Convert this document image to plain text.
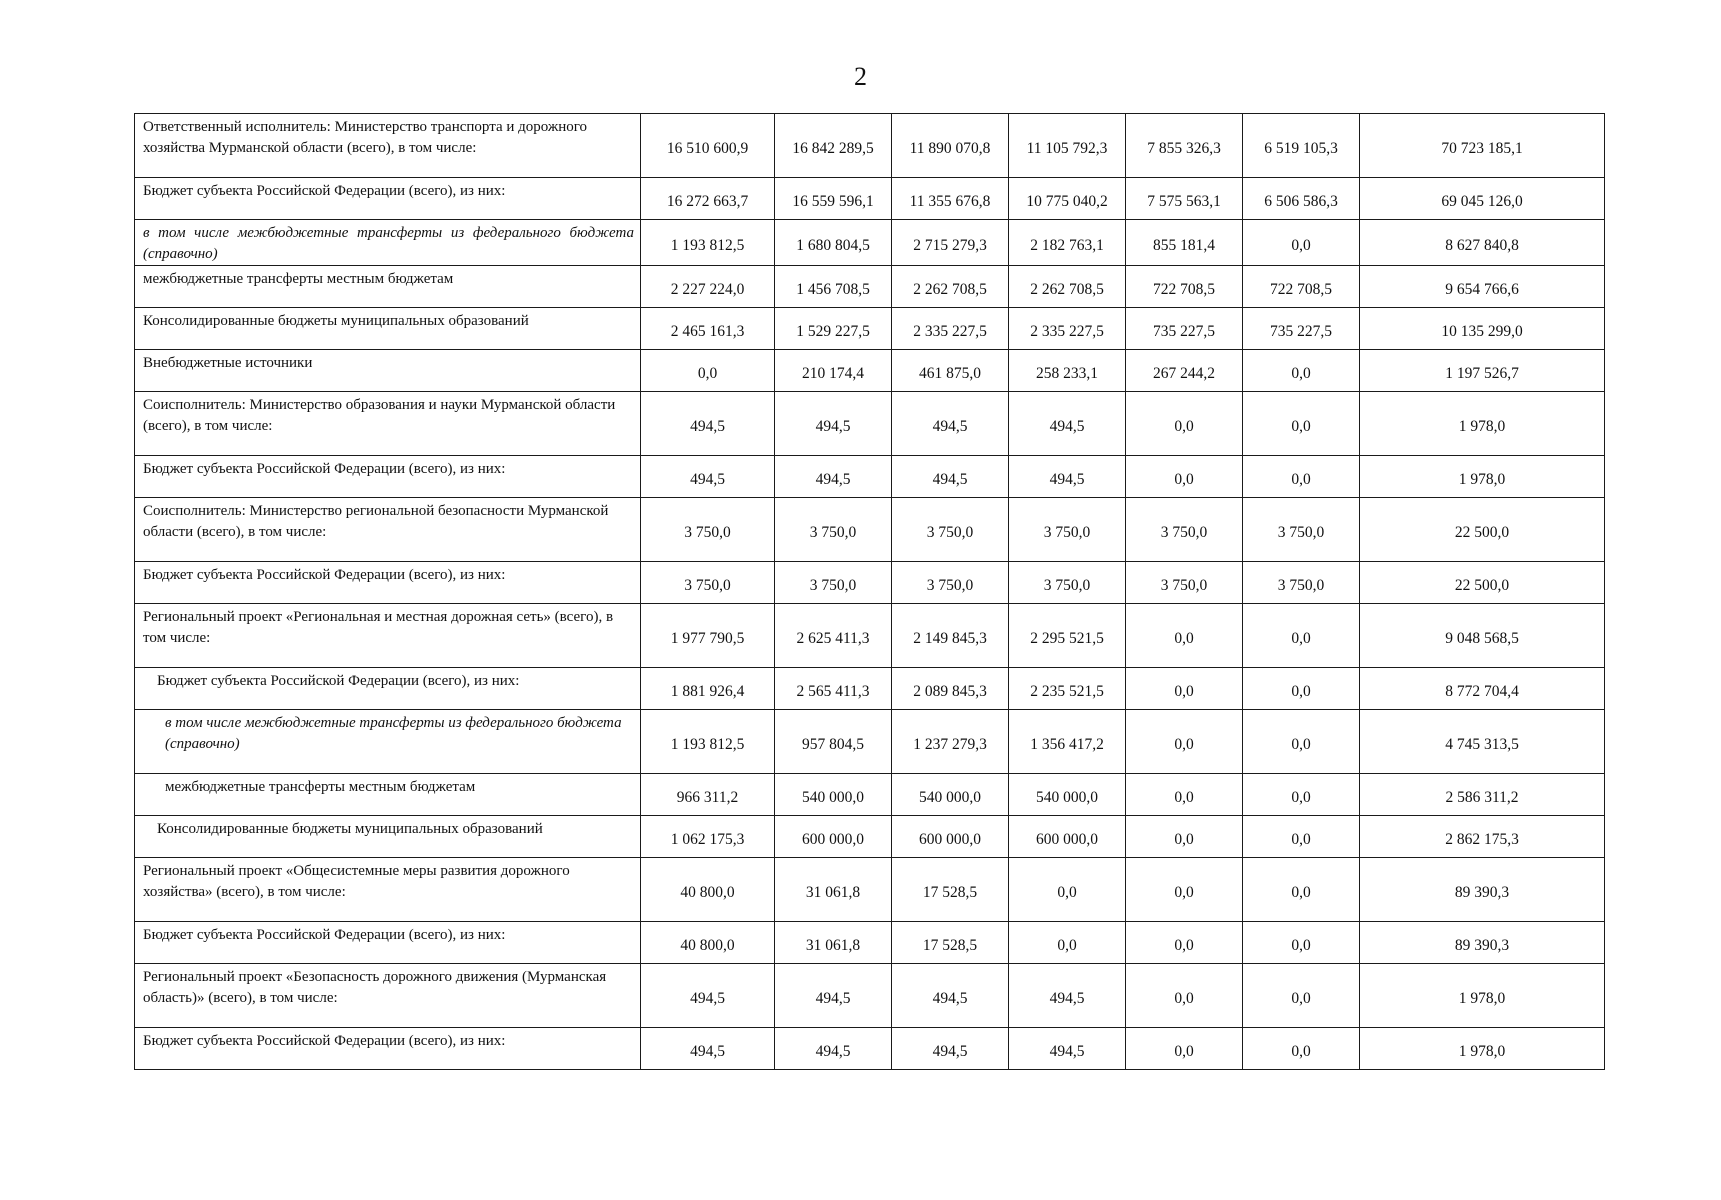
2
Ответственный исполнитель: Министерство транспорта и дорожного хозяйства Мурманской области (всего), в том числе:	16 510 600,9	16 842 289,5	11 890 070,8	11 105 792,3	7 855 326,3	6 519 105,3	70 723 185,1
Бюджет субъекта Российской Федерации (всего), из них:	16 272 663,7	16 559 596,1	11 355 676,8	10 775 040,2	7 575 563,1	6 506 586,3	69 045 126,0
в том числе межбюджетные трансферты из федерального бюджета (справочно)	1 193 812,5	1 680 804,5	2 715 279,3	2 182 763,1	855 181,4	0,0	8 627 840,8
межбюджетные трансферты местным бюджетам	2 227 224,0	1 456 708,5	2 262 708,5	2 262 708,5	722 708,5	722 708,5	9 654 766,6
Консолидированные бюджеты муниципальных образований	2 465 161,3	1 529 227,5	2 335 227,5	2 335 227,5	735 227,5	735 227,5	10 135 299,0
Внебюджетные источники	0,0	210 174,4	461 875,0	258 233,1	267 244,2	0,0	1 197 526,7
Соисполнитель: Министерство образования и науки Мурманской области (всего), в том числе:	494,5	494,5	494,5	494,5	0,0	0,0	1 978,0
Бюджет субъекта Российской Федерации (всего), из них:	494,5	494,5	494,5	494,5	0,0	0,0	1 978,0
Соисполнитель: Министерство региональной безопасности Мурманской области (всего), в том числе:	3 750,0	3 750,0	3 750,0	3 750,0	3 750,0	3 750,0	22 500,0
Бюджет субъекта Российской Федерации (всего), из них:	3 750,0	3 750,0	3 750,0	3 750,0	3 750,0	3 750,0	22 500,0
Региональный проект «Региональная и местная дорожная сеть» (всего), в том числе:	1 977 790,5	2 625 411,3	2 149 845,3	2 295 521,5	0,0	0,0	9 048 568,5
Бюджет субъекта Российской Федерации (всего), из них:	1 881 926,4	2 565 411,3	2 089 845,3	2 235 521,5	0,0	0,0	8 772 704,4
в том числе межбюджетные трансферты из федерального бюджета (справочно)	1 193 812,5	957 804,5	1 237 279,3	1 356 417,2	0,0	0,0	4 745 313,5
межбюджетные трансферты местным бюджетам	966 311,2	540 000,0	540 000,0	540 000,0	0,0	0,0	2 586 311,2
Консолидированные бюджеты муниципальных образований	1 062 175,3	600 000,0	600 000,0	600 000,0	0,0	0,0	2 862 175,3
Региональный проект «Общесистемные меры развития дорожного хозяйства» (всего), в том числе:	40 800,0	31 061,8	17 528,5	0,0	0,0	0,0	89 390,3
Бюджет субъекта Российской Федерации (всего), из них:	40 800,0	31 061,8	17 528,5	0,0	0,0	0,0	89 390,3
Региональный проект «Безопасность дорожного движения (Мурманская область)» (всего), в том числе:	494,5	494,5	494,5	494,5	0,0	0,0	1 978,0
Бюджет субъекта Российской Федерации (всего), из них:	494,5	494,5	494,5	494,5	0,0	0,0	1 978,0
